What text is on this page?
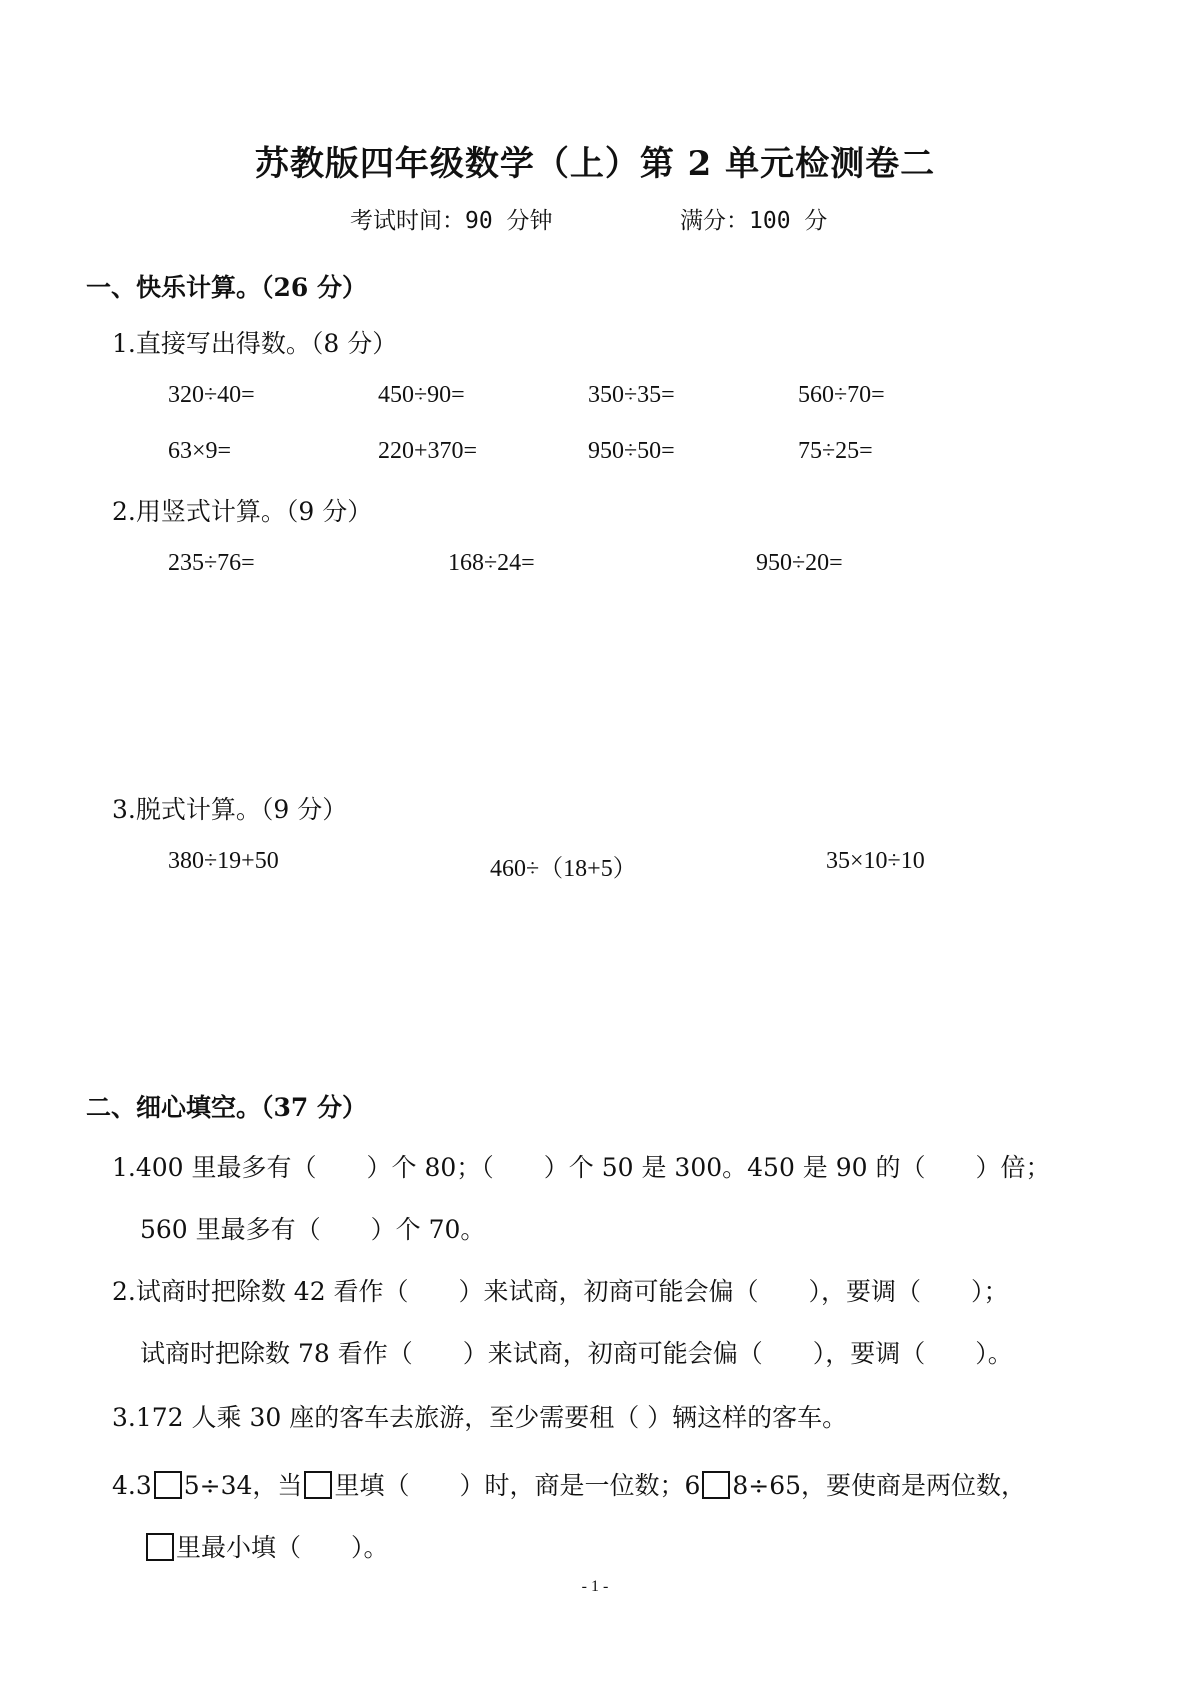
苏教版四年级数学（上）第 2 单元检测卷二
考试时间：90 分钟	满分：100 分
一、快乐计算。（26 分）
1.直接写出得数。（8 分）
320÷40=	450÷90=	350÷35=	560÷70=
63×9=	220+370=	950÷50=	75÷25=
2.用竖式计算。（9 分）
235÷76=	168÷24=	950÷20=
3.脱式计算。（9 分）
380÷19+50	460÷（18+5）	35×10÷10
二、细心填空。（37 分）
1.400 里最多有（　　）个 80；（　　）个 50 是 300。450 是 90 的（　　）倍；
560 里最多有（　　）个 70。
2.试商时把除数 42 看作（　　）来试商，初商可能会偏（　　），要调（　　）；
试商时把除数 78 看作（　　）来试商，初商可能会偏（　　），要调（　　）。
3.172 人乘 30 座的客车去旅游，至少需要租（ ）辆这样的客车。
4.3 5÷34，当 里填（　　）时，商是一位数；6 8÷65，要使商是两位数，
里最小填（　　）。
- 1 -
